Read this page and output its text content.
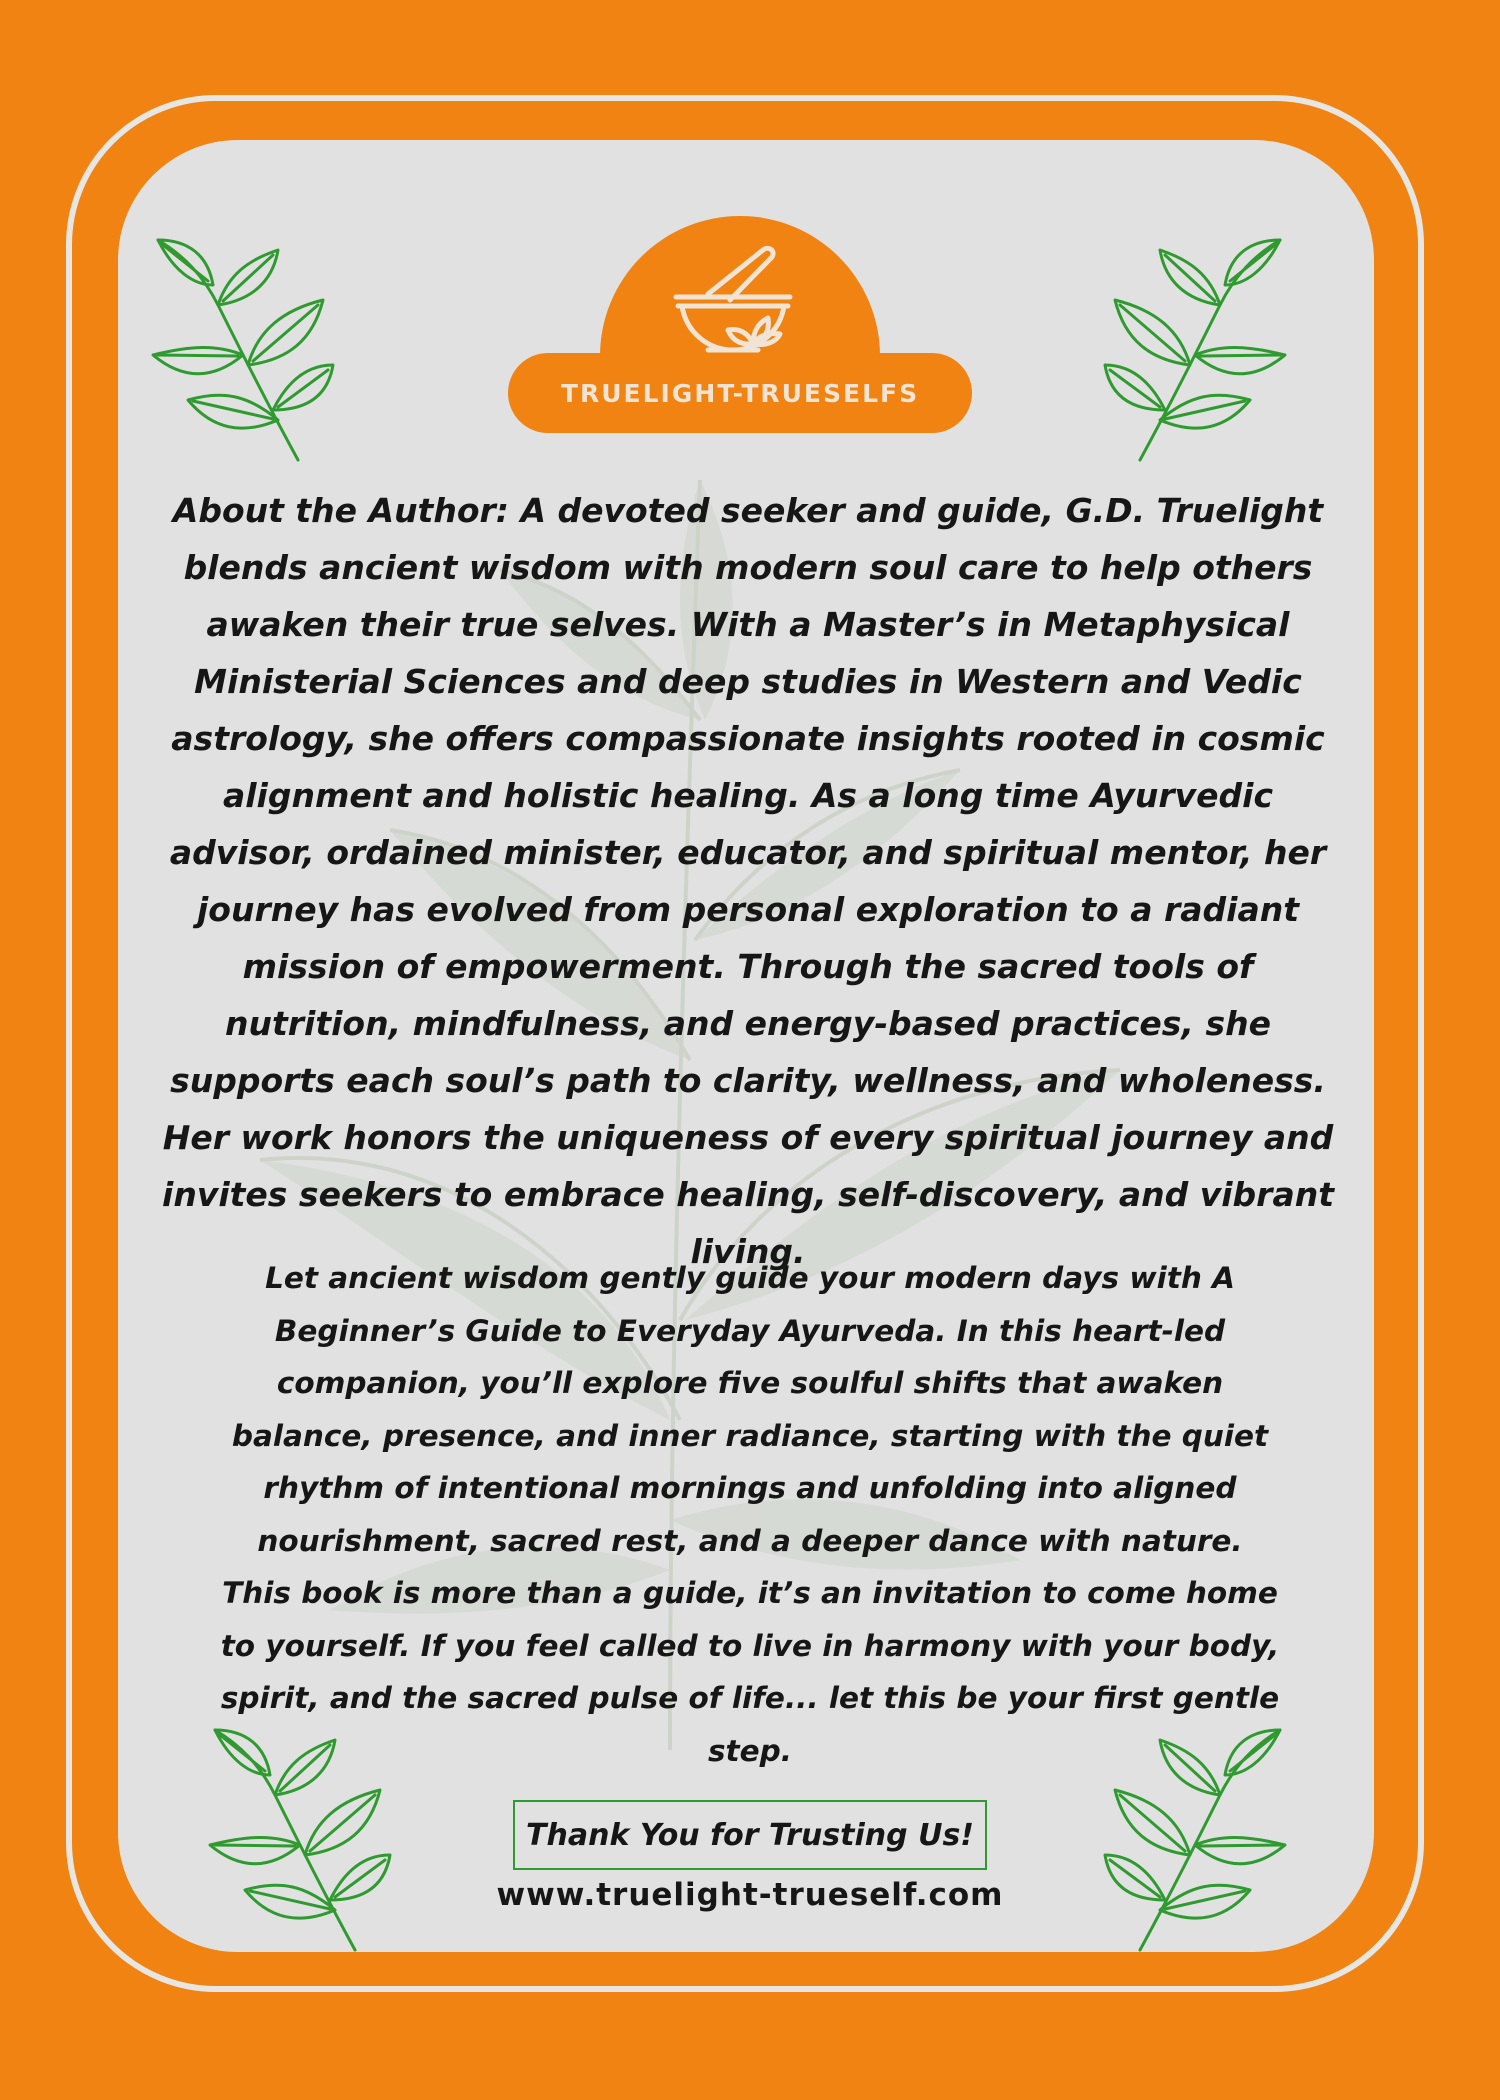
TRUELIGHT-TRUESELFS

About the Author: A devoted seeker and guide, G.D. Truelight blends ancient wisdom with modern soul care to help others awaken their true selves. With a Master’s in Metaphysical Ministerial Sciences and deep studies in Western and Vedic astrology, she offers compassionate insights rooted in cosmic alignment and holistic healing. As a long time Ayurvedic advisor, ordained minister, educator, and spiritual mentor, her journey has evolved from personal exploration to a radiant mission of empowerment. Through the sacred tools of nutrition, mindfulness, and energy-based practices, she supports each soul’s path to clarity, wellness, and wholeness. Her work honors the uniqueness of every spiritual journey and invites seekers to embrace healing, self-discovery, and vibrant living.

Let ancient wisdom gently guide your modern days with A Beginner’s Guide to Everyday Ayurveda. In this heart-led companion, you’ll explore five soulful shifts that awaken balance, presence, and inner radiance, starting with the quiet rhythm of intentional mornings and unfolding into aligned nourishment, sacred rest, and a deeper dance with nature. This book is more than a guide, it’s an invitation to come home to yourself. If you feel called to live in harmony with your body, spirit, and the sacred pulse of life... let this be your first gentle step.

Thank You for Trusting Us!
www.truelight-trueself.com
